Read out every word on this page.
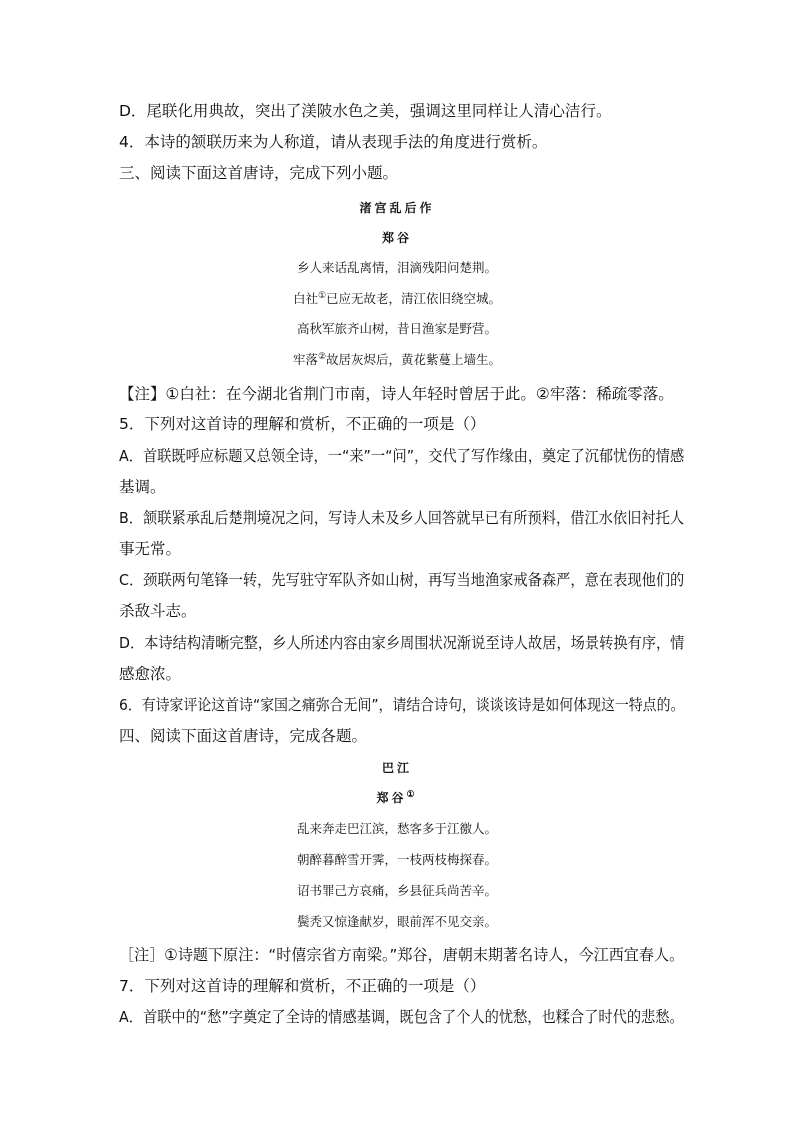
D．尾联化用典故，突出了渼陂水色之美，强调这里同样让人清心洁行。
4．本诗的颔联历来为人称道，请从表现手法的角度进行赏析。
三、阅读下面这首唐诗，完成下列小题。
渚宫乱后作
郑谷
乡人来话乱离情，泪滴残阳问楚荆。
白社①已应无故老，清江依旧绕空城。
高秋军旅齐山树，昔日渔家是野营。
牢落②故居灰烬后，黄花紫蔓上墙生。
【注】①白社：在今湖北省荆门市南，诗人年轻时曾居于此。②牢落：稀疏零落。
5．下列对这首诗的理解和赏析，不正确的一项是（）
A．首联既呼应标题又总领全诗，一“来”一“问”，交代了写作缘由，奠定了沉郁忧伤的情感
基调。
B．颔联紧承乱后楚荆境况之问，写诗人未及乡人回答就早已有所预料，借江水依旧衬托人
事无常。
C．颈联两句笔锋一转，先写驻守军队齐如山树，再写当地渔家戒备森严，意在表现他们的
杀敌斗志。
D．本诗结构清晰完整，乡人所述内容由家乡周围状况渐说至诗人故居，场景转换有序，情
感愈浓。
6．有诗家评论这首诗“家国之痛弥合无间”，请结合诗句，谈谈该诗是如何体现这一特点的。
四、阅读下面这首唐诗，完成各题。
巴江
郑谷①
乱来奔走巴江滨，愁客多于江徼人。
朝醉暮醉雪开霁，一枝两枝梅探春。
诏书罪己方哀痛，乡县征兵尚苦辛。
鬓秃又惊逢献岁，眼前浑不见交亲。
［注］①诗题下原注：“时僖宗省方南梁。”郑谷，唐朝末期著名诗人，今江西宜春人。
7．下列对这首诗的理解和赏析，不正确的一项是（）
A．首联中的“愁”字奠定了全诗的情感基调，既包含了个人的忧愁，也糅合了时代的悲愁。
